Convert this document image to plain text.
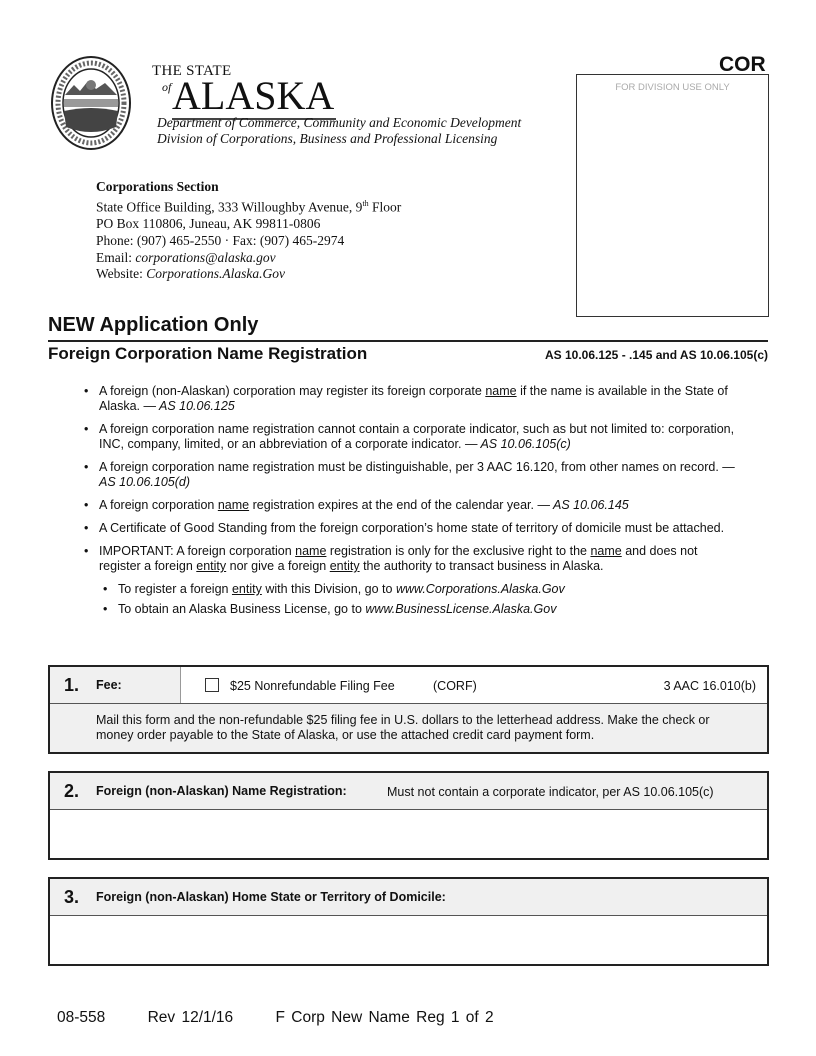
THE STATE
of ALASKA
Department of Commerce, Community and Economic Development
Division of Corporations, Business and Professional Licensing
Corporations Section
State Office Building, 333 Willoughby Avenue, 9th Floor
PO Box 110806, Juneau, AK 99811-0806
Phone: (907) 465-2550 · Fax: (907) 465-2974
Email: corporations@alaska.gov
Website: Corporations.Alaska.Gov
COR
FOR DIVISION USE ONLY
NEW Application Only
Foreign Corporation Name Registration	AS 10.06.125 - .145 and AS 10.06.105(c)
• A foreign (non-Alaskan) corporation may register its foreign corporate name if the name is available in the State of Alaska. — AS 10.06.125
• A foreign corporation name registration cannot contain a corporate indicator, such as but not limited to: corporation, INC, company, limited, or an abbreviation of a corporate indicator. — AS 10.06.105(c)
• A foreign corporation name registration must be distinguishable, per 3 AAC 16.120, from other names on record. — AS 10.06.105(d)
• A foreign corporation name registration expires at the end of the calendar year. — AS 10.06.145
• A Certificate of Good Standing from the foreign corporation’s home state of territory of domicile must be attached.
• IMPORTANT: A foreign corporation name registration is only for the exclusive right to the name and does not register a foreign entity nor give a foreign entity the authority to transact business in Alaska.
• To register a foreign entity with this Division, go to www.Corporations.Alaska.Gov
• To obtain an Alaska Business License, go to www.BusinessLicense.Alaska.Gov
1. Fee:	$25 Nonrefundable Filing Fee	(CORF)	3 AAC 16.010(b)
Mail this form and the non-refundable $25 filing fee in U.S. dollars to the letterhead address. Make the check or money order payable to the State of Alaska, or use the attached credit card payment form.
2. Foreign (non-Alaskan) Name Registration:	Must not contain a corporate indicator, per AS 10.06.105(c)
3. Foreign (non-Alaskan) Home State or Territory of Domicile:
08-558	Rev 12/1/16	F Corp New Name Reg 1 of 2
